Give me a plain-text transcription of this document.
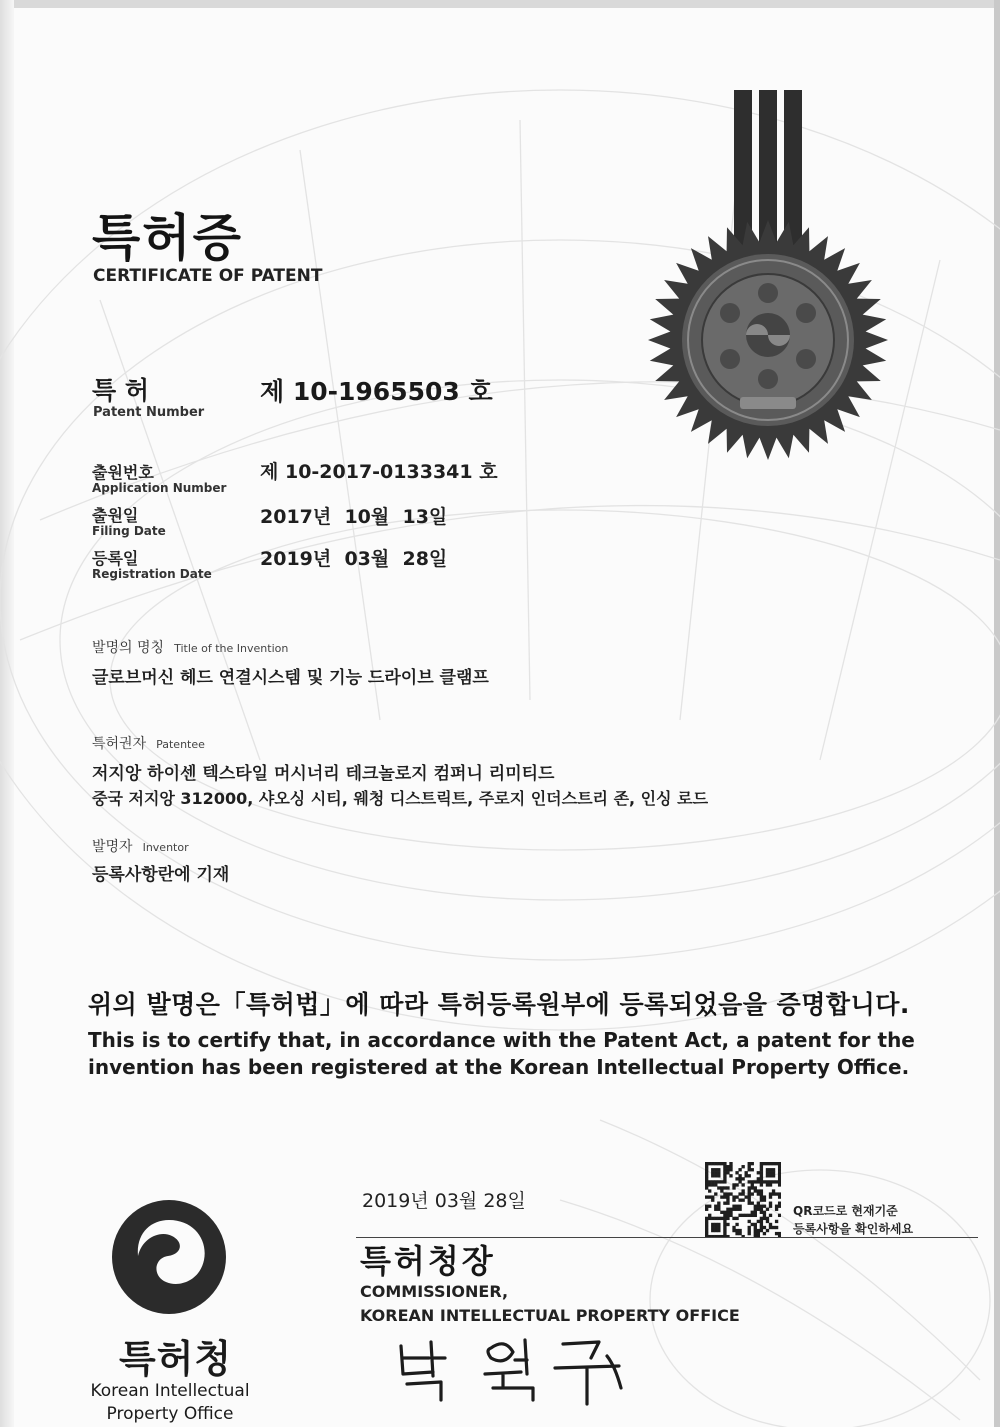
특허증
CERTIFICATE OF PATENT
특 허
Patent Number
제 10-1965503 호
출원번호
Application Number
제 10-2017-0133341 호
출원일
Filing Date
2017년  10월  13일
등록일
Registration Date
2019년  03월  28일
발명의 명칭 Title of the Invention
글로브머신 헤드 연결시스템 및 기능 드라이브 클램프
특허권자 Patentee
저지앙 하이센 텍스타일 머시너리 테크놀로지 컴퍼니 리미티드
중국 저지앙 312000, 샤오싱 시티, 웨청 디스트릭트, 주로지 인더스트리 존, 인싱 로드
발명자 Inventor
등록사항란에 기재
위의 발명은「특허법」에 따라 특허등록원부에 등록되었음을 증명합니다.
This is to certify that, in accordance with the Patent Act, a patent for the invention has been registered at the Korean Intellectual Property Office.
2019년 03월 28일	QR코드로 현재기준
등록사항을 확인하세요
특허청장
COMMISSIONER,
KOREAN INTELLECTUAL PROPERTY OFFICE
특허청
Korean Intellectual
Property Office
